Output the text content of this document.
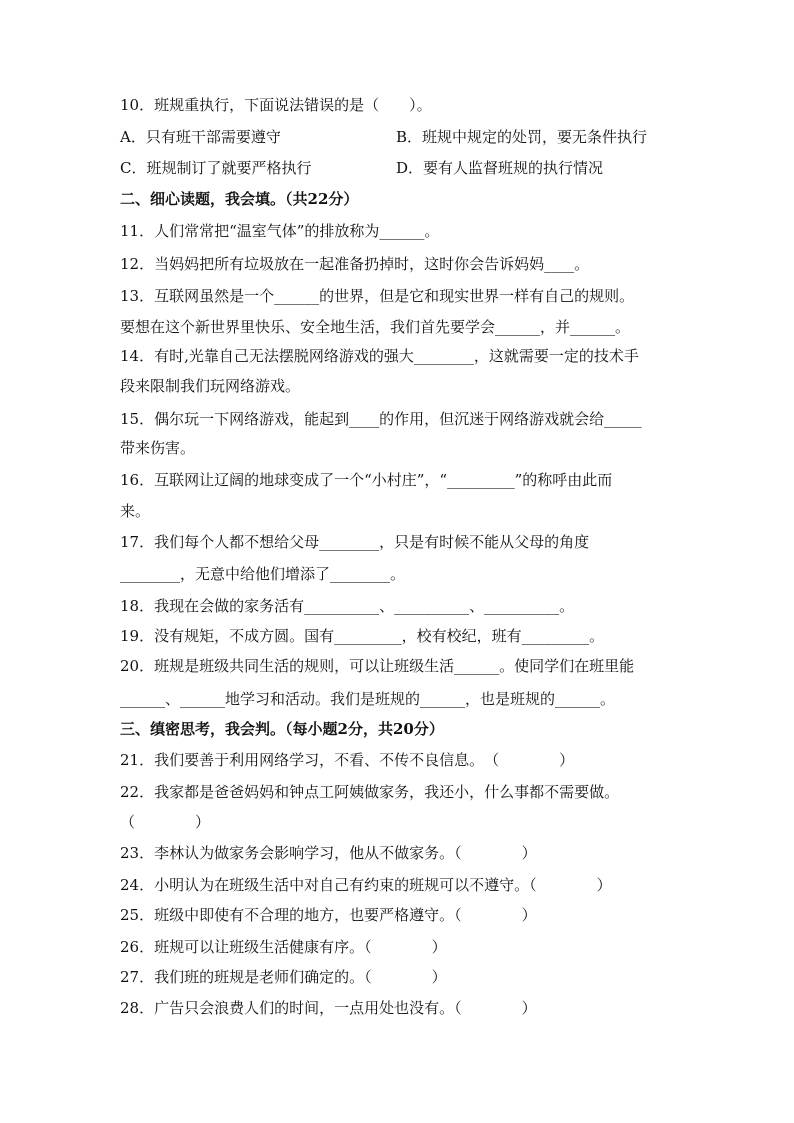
10．班规重执行，下面说法错误的是（　　）。
A．只有班干部需要遵守	B．班规中规定的处罚，要无条件执行
C．班规制订了就要严格执行	D．要有人监督班规的执行情况
二、细心读题，我会填。（共22分）
11．人们常常把“温室气体”的排放称为______。
12．当妈妈把所有垃圾放在一起准备扔掉时，这时你会告诉妈妈____。
13．互联网虽然是一个______的世界，但是它和现实世界一样有自己的规则。
要想在这个新世界里快乐、安全地生活，我们首先要学会______，并______。
14．有时,光靠自己无法摆脱网络游戏的强大________，这就需要一定的技术手
段来限制我们玩网络游戏。
15．偶尔玩一下网络游戏，能起到____的作用，但沉迷于网络游戏就会给_____
带来伤害。
16．互联网让辽阔的地球变成了一个“小村庄”，“_________”的称呼由此而
来。
17．我们每个人都不想给父母________，只是有时候不能从父母的角度
________，无意中给他们增添了________。
18．我现在会做的家务活有__________、__________、__________。
19．没有规矩，不成方圆。国有_________，校有校纪，班有_________。
20．班规是班级共同生活的规则，可以让班级生活______。使同学们在班里能
______、______地学习和活动。我们是班规的______，也是班规的______。
三、缜密思考，我会判。（每小题2分，共20分）
21．我们要善于利用网络学习，不看、不传不良信息。　（　　　　）
22．我家都是爸爸妈妈和钟点工阿姨做家务，我还小，什么事都不需要做。
（　　　　）
23．李林认为做家务会影响学习，他从不做家务。（　　　　）
24．小明认为在班级生活中对自己有约束的班规可以不遵守。（　　　　）
25．班级中即使有不合理的地方，也要严格遵守。（　　　　）
26．班规可以让班级生活健康有序。（　　　　）
27．我们班的班规是老师们确定的。（　　　　）
28．广告只会浪费人们的时间，一点用处也没有。（　　　　）
